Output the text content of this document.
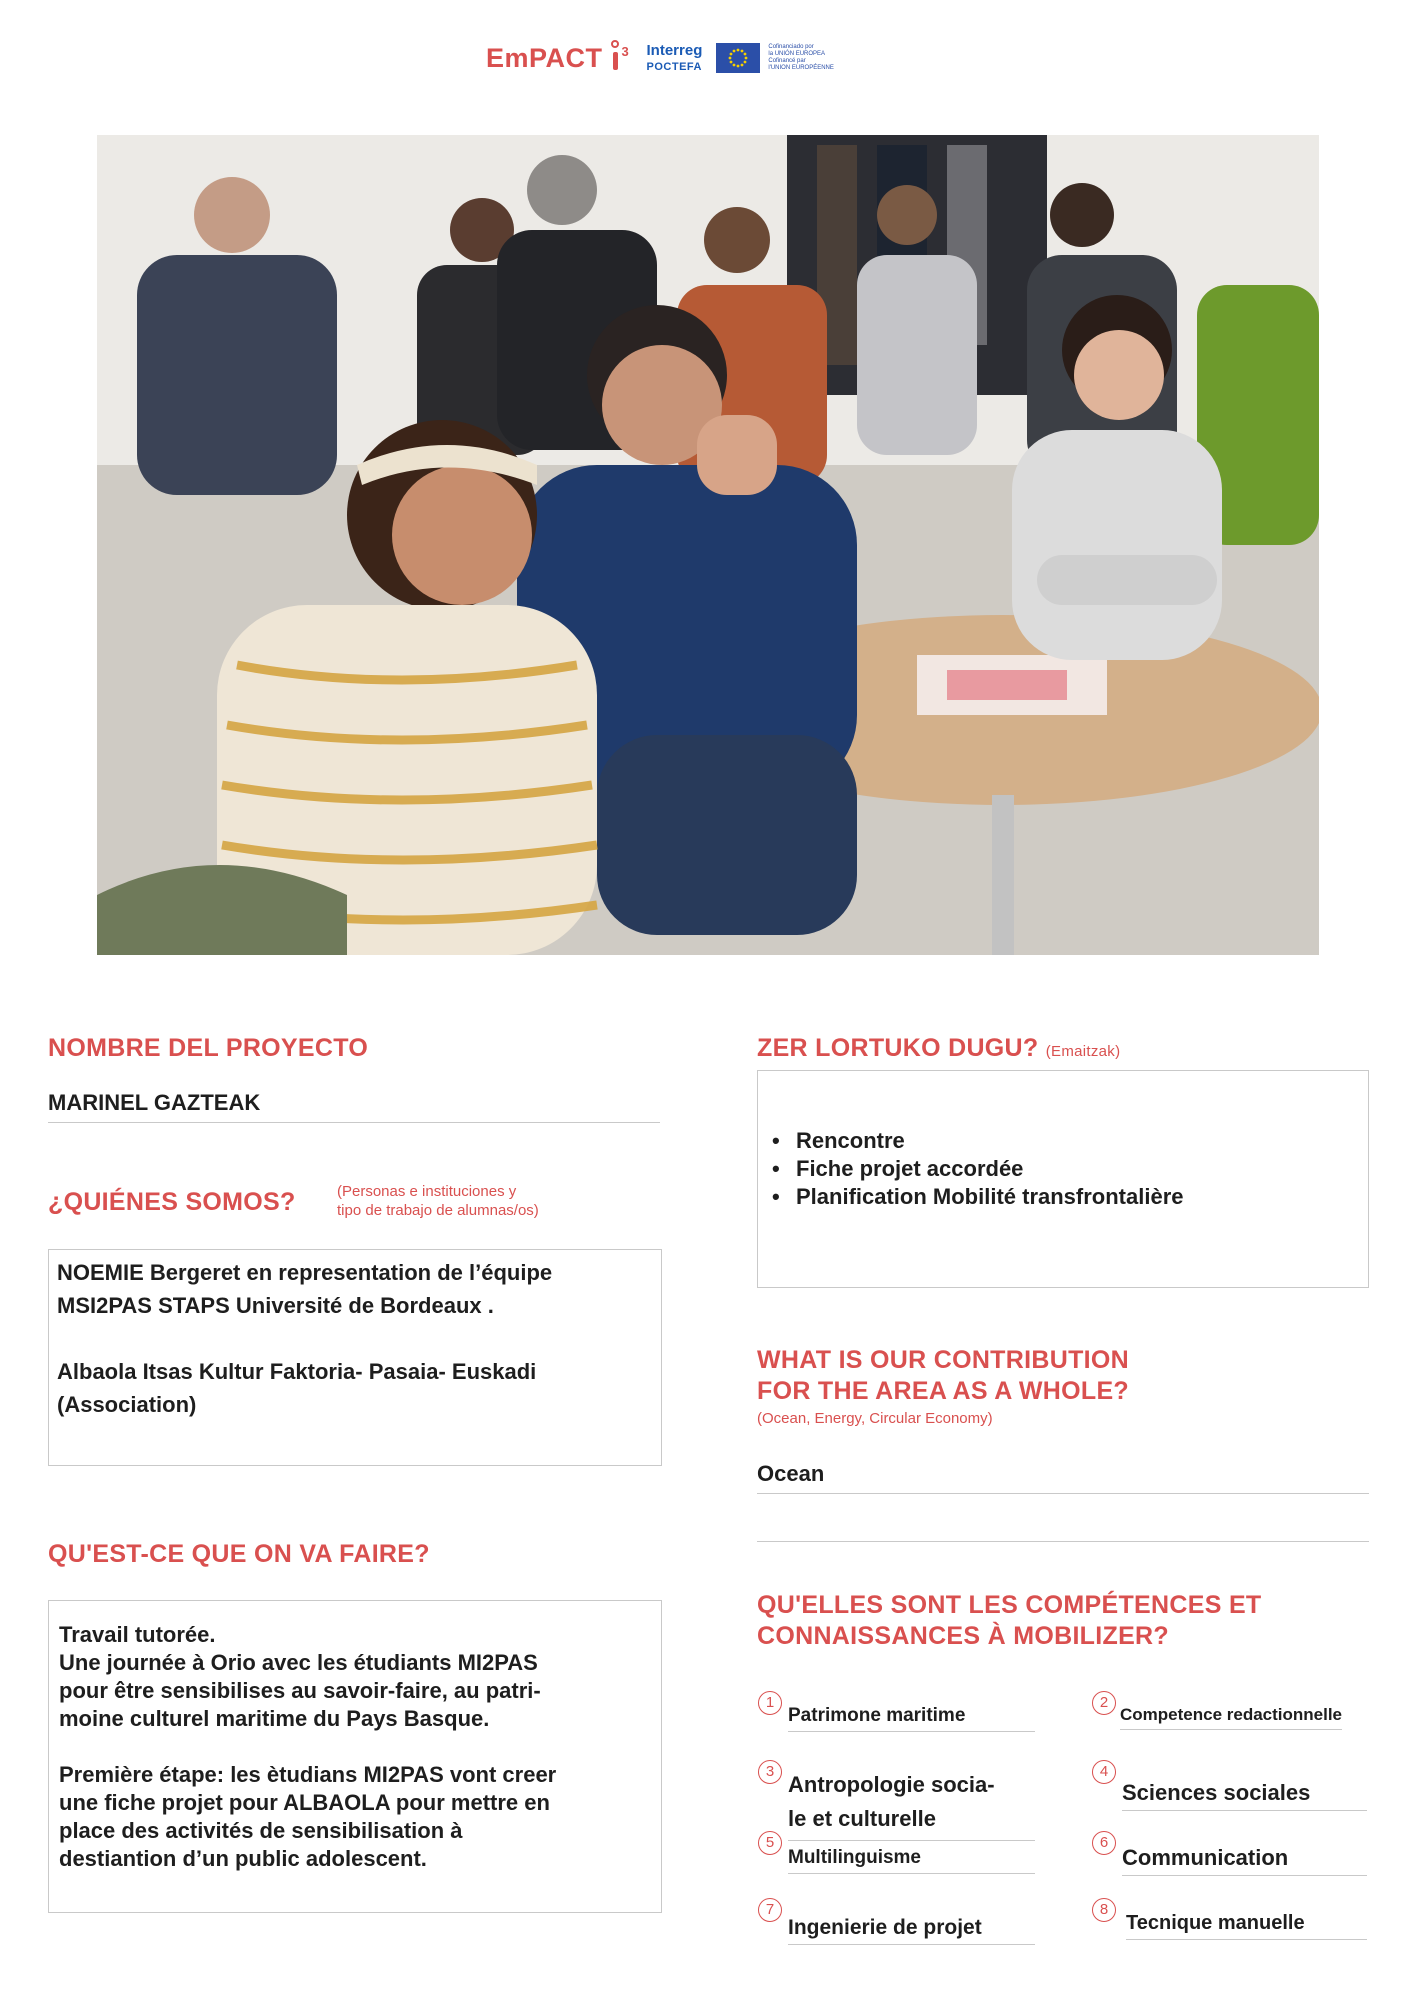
EmPACT 3 Interreg
POCTEFA
Cofinanciado por
la UNIÓN EUROPEA
Cofinancé par
l'UNION EUROPÉENNE
NOMBRE DEL PROYECTO
MARINEL GAZTEAK
¿QUIÉNES SOMOS?	(Personas e instituciones y
tipo de trabajo de alumnas/os)

NOEMIE Bergeret en representation de l’équipe

MSI2PAS STAPS Université de Bordeaux .

Albaola Itsas Kultur Faktoria- Pasaia- Euskadi

(Association)

QU'EST-CE QUE ON VA FAIRE?

Travail tutorée.

Une journée à Orio avec les étudiants MI2PAS

pour être sensibilises au savoir-faire, au patri-

moine culturel maritime du Pays Basque.

Première étape: les ètudians MI2PAS vont creer

une fiche projet pour ALBAOLA pour mettre en

place des activités de sensibilisation à

destiantion d’un public adolescent.

ZER LORTUKO DUGU? (Emaitzak)
• Rencontre
• Fiche projet accordée
• Planification Mobilité transfrontalière
WHAT IS OUR CONTRIBUTION
FOR THE AREA AS A WHOLE?
(Ocean, Energy, Circular Economy)
Ocean
QU'ELLES SONT LES COMPÉTENCES ET
CONNAISSANCES À MOBILIZER?
1
Patrimone maritime
2
Competence redactionnelle
3
Antropologie socia-
le et culturelle
4
Sciences sociales
5
Multilinguisme
6
Communication
7
Ingenierie de projet
8
Tecnique manuelle
